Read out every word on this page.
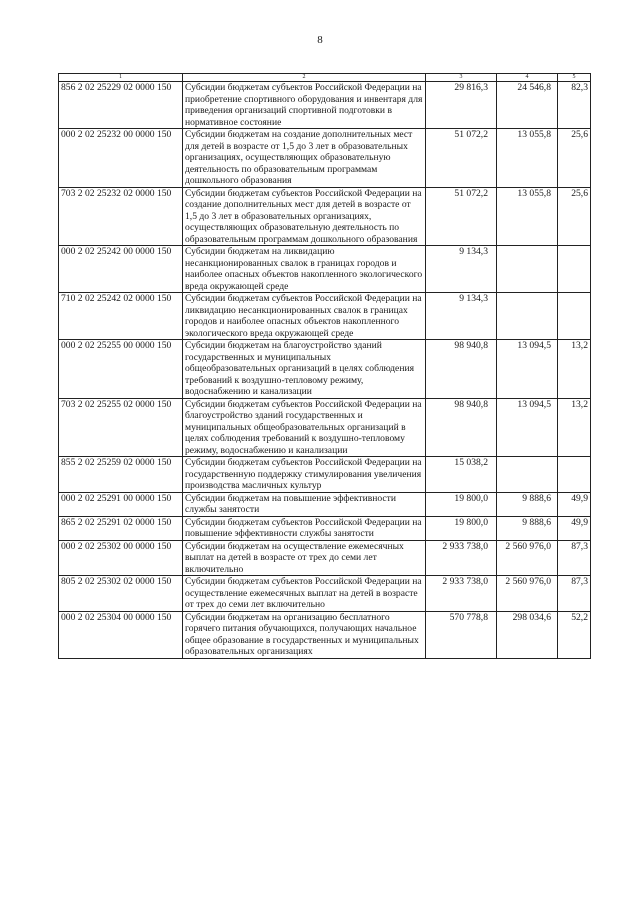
8
1	2	3	4	5
856 2 02 25229 02 0000 150	Субсидии бюджетам субъектов Российской Федерации на приобретение спортивного оборудования и инвентаря для приведения организаций спортивной подготовки в нормативное состояние	29 816,3	24 546,8	82,3
000 2 02 25232 00 0000 150	Субсидии бюджетам на создание дополнительных мест для детей в возрасте от 1,5 до 3 лет в образовательных организациях, осуществляющих образовательную деятельность по образовательным программам дошкольного образования	51 072,2	13 055,8	25,6
703 2 02 25232 02 0000 150	Субсидии бюджетам субъектов Российской Федерации на создание дополнительных мест для детей в возрасте от 1,5 до 3 лет в образовательных организациях, осуществляющих образовательную деятельность по образовательным программам дошкольного образования	51 072,2	13 055,8	25,6
000 2 02 25242 00 0000 150	Субсидии бюджетам на ликвидацию несанкционированных свалок в границах городов и наиболее опасных объектов накопленного экологического вреда окружающей среде	9 134,3		
710 2 02 25242 02 0000 150	Субсидии бюджетам субъектов Российской Федерации на ликвидацию несанкционированных свалок в границах городов и наиболее опасных объектов накопленного экологического вреда окружающей среде	9 134,3		
000 2 02 25255 00 0000 150	Субсидии бюджетам на благоустройство зданий государственных и муниципальных общеобразовательных организаций в целях соблюдения требований к воздушно-тепловому режиму, водоснабжению и канализации	98 940,8	13 094,5	13,2
703 2 02 25255 02 0000 150	Субсидии бюджетам субъектов Российской Федерации на благоустройство зданий государственных и муниципальных общеобразовательных организаций в целях соблюдения требований к воздушно-тепловому режиму, водоснабжению и канализации	98 940,8	13 094,5	13,2
855 2 02 25259 02 0000 150	Субсидии бюджетам субъектов Российской Федерации на государственную поддержку стимулирования увеличения производства масличных культур	15 038,2		
000 2 02 25291 00 0000 150	Субсидии бюджетам на повышение эффективности службы занятости	19 800,0	9 888,6	49,9
865 2 02 25291 02 0000 150	Субсидии бюджетам субъектов Российской Федерации на повышение эффективности службы занятости	19 800,0	9 888,6	49,9
000 2 02 25302 00 0000 150	Субсидии бюджетам на осуществление ежемесячных выплат на детей в возрасте от трех до семи лет включительно	2 933 738,0	2 560 976,0	87,3
805 2 02 25302 02 0000 150	Субсидии бюджетам субъектов Российской Федерации на осуществление ежемесячных выплат на детей в возрасте от трех до семи лет включительно	2 933 738,0	2 560 976,0	87,3
000 2 02 25304 00 0000 150	Субсидии бюджетам на организацию бесплатного горячего питания обучающихся, получающих начальное общее образование в государственных и муниципальных образовательных организациях	570 778,8	298 034,6	52,2
